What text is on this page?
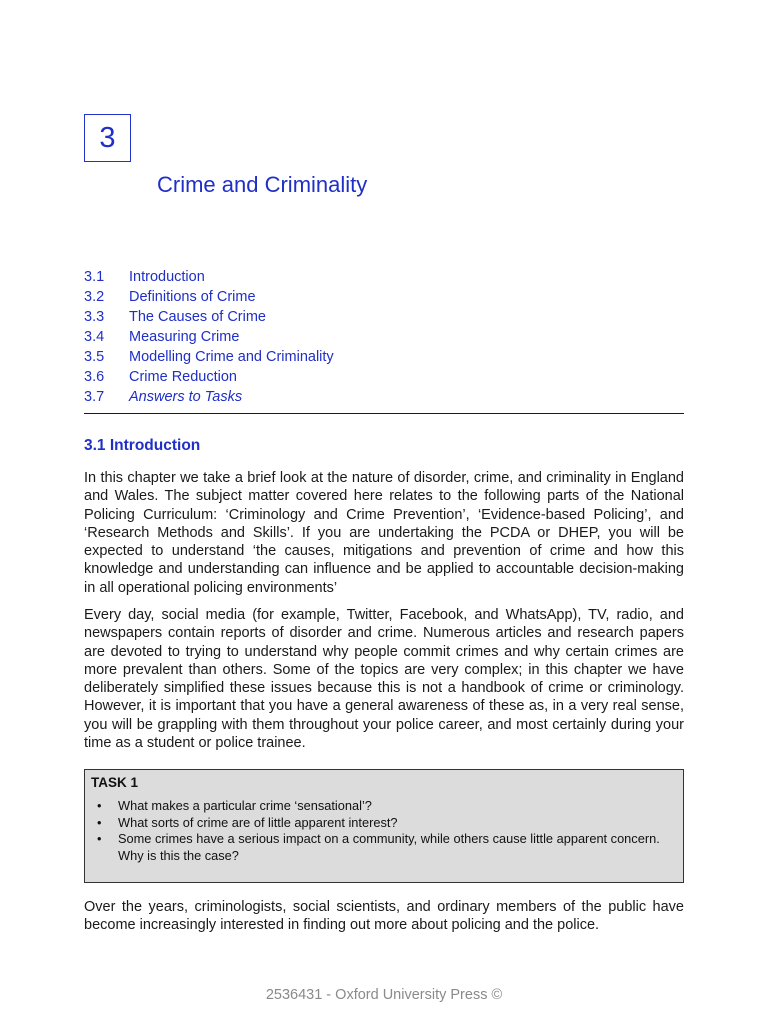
3
Crime and Criminality
3.1	Introduction
3.2	Definitions of Crime
3.3	The Causes of Crime
3.4	Measuring Crime
3.5	Modelling Crime and Criminality
3.6	Crime Reduction
3.7	Answers to Tasks
3.1 Introduction

In this chapter we take a brief look at the nature of disorder, crime, and criminality in England and Wales. The subject matter covered here relates to the following parts of the National Policing Curriculum: ‘Criminology and Crime Prevention’, ‘Evidence-based Policing’, and ‘Research Methods and Skills’. If you are undertaking the PCDA or DHEP, you will be expected to understand ‘the causes, mitigations and prevention of crime and how this knowledge and understanding can influence and be applied to accountable decision-making in all operational policing environments’

Every day, social media (for example, Twitter, Facebook, and WhatsApp), TV, radio, and newspapers contain reports of disorder and crime. Numerous articles and research papers are devoted to trying to understand why people commit crimes and why certain crimes are more prevalent than others. Some of the topics are very complex; in this chapter we have deliberately simplified these issues because this is not a handbook of crime or criminology. However, it is important that you have a general awareness of these as, in a very real sense, you will be grappling with them throughout your police career, and most certainly during your time as a student or police trainee.

TASK 1
• What makes a particular crime ‘sensational’?
• What sorts of crime are of little apparent interest?
• Some crimes have a serious impact on a community, while others cause little apparent concern. Why is this the case?

Over the years, criminologists, social scientists, and ordinary members of the public have become increasingly interested in finding out more about policing and the police.

2536431 - Oxford University Press ©
